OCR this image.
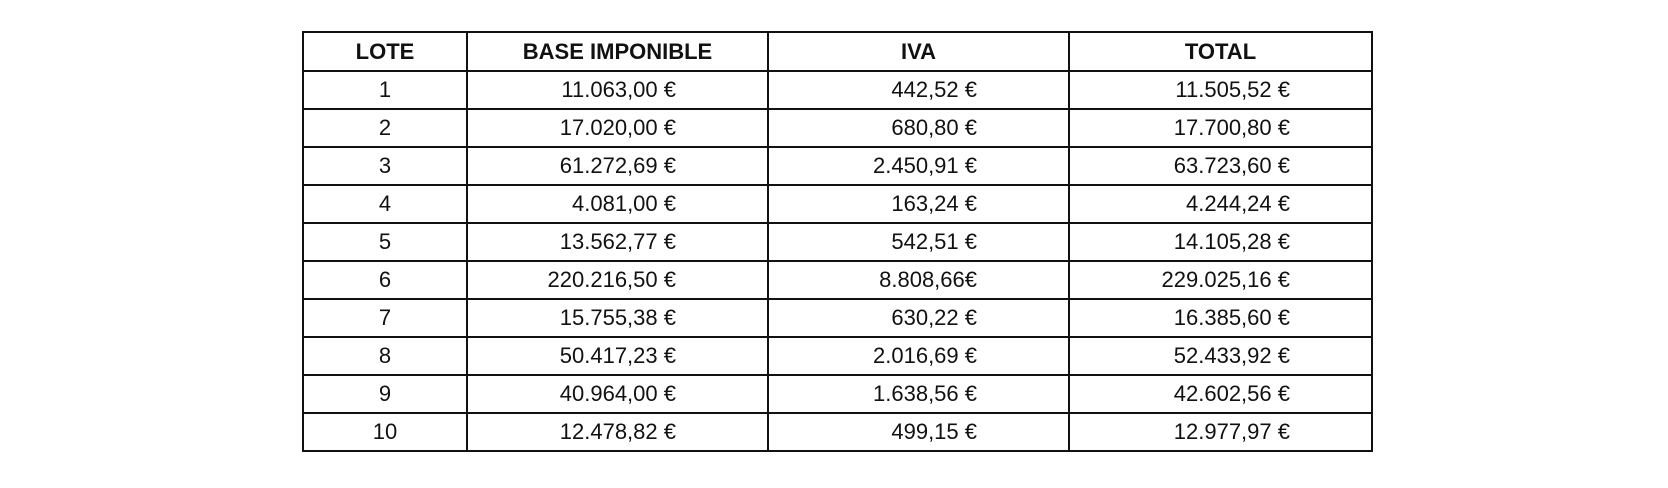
LOTE	BASE IMPONIBLE	IVA	TOTAL
1	11.063,00 €	442,52 €	11.505,52 €
2	17.020,00 €	680,80 €	17.700,80 €
3	61.272,69 €	2.450,91 €	63.723,60 €
4	4.081,00 €	163,24 €	4.244,24 €
5	13.562,77 €	542,51 €	14.105,28 €
6	220.216,50 €	8.808,66€	229.025,16 €
7	15.755,38 €	630,22 €	16.385,60 €
8	50.417,23 €	2.016,69 €	52.433,92 €
9	40.964,00 €	1.638,56 €	42.602,56 €
10	12.478,82 €	499,15 €	12.977,97 €
